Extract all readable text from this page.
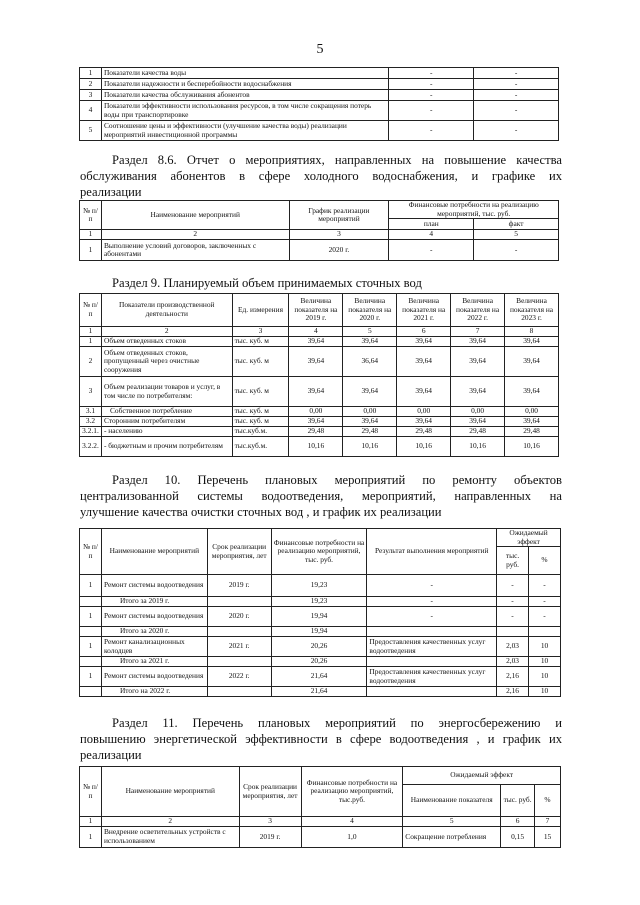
5
1	Показатели качества воды	-	-
2	Показатели надежности и бесперебойности водоснабжения	-	-
3	Показатели качества обслуживания абонентов	-	-
4	Показатели эффективности использования ресурсов, в том числе сокращения потерь воды при транспортировке	-	-
5	Соотношение цены и эффективности (улучшение качества воды) реализации мероприятий инвестиционной программы	-	-
Раздел 8.6. Отчет о мероприятиях, направленных на повышение качества
обслуживания абонентов в сфере холодного водоснабжения, и графике их
реализации
№ п/п	Наименование мероприятий	График реализации мероприятий	Финансовые потребности на реализацию мероприятий, тыс. руб.	
			план	факт
1	2	3	4	5
1	Выполнение условий договоров, заключенных с абонентами	2020 г.	-	-
Раздел 9. Планируемый объем принимаемых сточных вод
№ п/ п	Показатели производственной деятельности	Ед. измерения	Величина показателя на 2019 г.	Величина показателя на 2020 г.	Величина показателя на 2021 г.	Величина показателя на 2022 г.	Величина показателя на 2023 г.
1	2	3	4	5	6	7	8
1	Объем отведенных стоков	тыс. куб. м	39,64	39,64	39,64	39,64	39,64
2	Объем отведенных стоков, пропущенный через очистные сооружения	тыс. куб. м	39,64	36,64	39,64	39,64	39,64
3	Объем реализации товаров и услуг, в том числе по потребителям:	тыс. куб. м	39,64	39,64	39,64	39,64	39,64
3.1	Собственное потребление	тыс. куб. м	0,00	0,00	0,00	0,00	0,00
3.2	Сторонним потребителям	тыс. куб. м	39,64	39,64	39,64	39,64	39,64
3.2.1.	- населению	тыс.куб.м.	29,48	29,48	29,48	29,48	29,48
3.2.2.	- бюджетным и прочим потребителям	тыс.куб.м.	10,16	10,16	10,16	10,16	10,16
Раздел 10. Перечень плановых мероприятий по ремонту объектов
централизованной системы водоотведения, мероприятий, направленных на
улучшение качества очистки сточных вод , и график их реализации
№ п/ п	Наименование мероприятий	Срок реализации мероприятия, лет	Финансовые потребности на реализацию мероприятий, тыс. руб.	Результат выполнения мероприятий	Ожидаемый эффект	
					тыс. руб.	%
1	Ремонт системы водоотведения	2019 г.	19,23	-	-	-
	Итого за 2019 г.		19,23	-	-	-
1	Ремонт системы водоотведения	2020 г.	19,94	-	-	-
	Итого за 2020 г.		19,94			
1	Ремонт канализационных колодцев	2021 г.	20,26	Предоставления качественных услуг водоотведения	2,03	10
	Итого за 2021 г.		20,26		2,03	10
1	Ремонт системы водоотведения	2022 г.	21,64	Предоставления качественных услуг водоотведения	2,16	10
	Итого на 2022 г.		21,64		2,16	10
Раздел 11. Перечень плановых мероприятий по энергосбережению и
повышению энергетической эффективности в сфере водоотведения , и график их
реализации
№ п/п	Наименование мероприятий	Срок реализации мероприятия, лет	Финансовые потребности на реализацию мероприятий, тыс.руб.	Ожидаемый эффект		
				Наименование показателя	тыс. руб.	%
1	2	3	4	5	6	7
1	Внедрение осветительных устройств с использованием	2019 г.	1,0	Сокращение потребления	0,15	15
